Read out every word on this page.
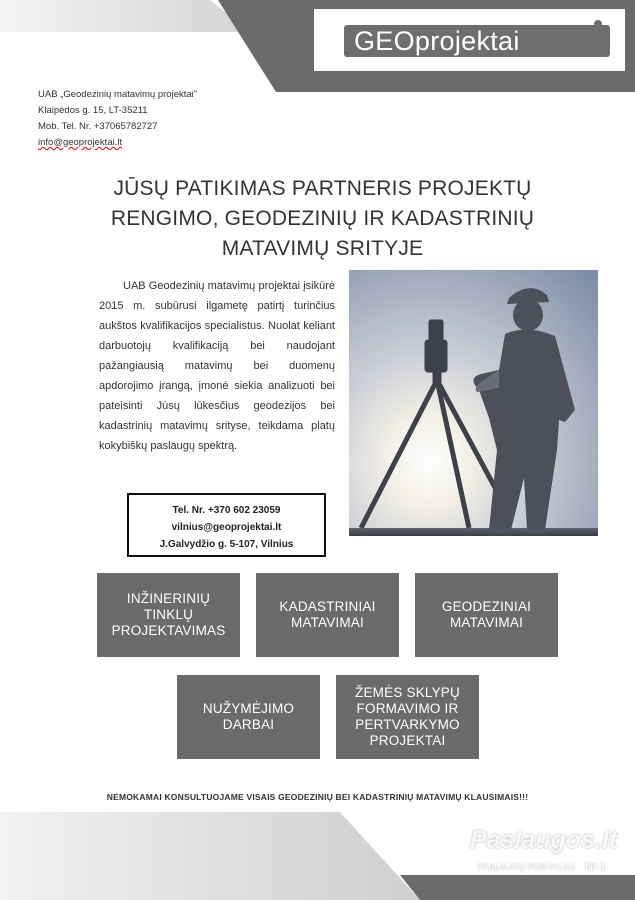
GEOprojektai
UAB „Geodezinių matavimų projektai"
Klaipėdos g. 15, LT-35211
Mob. Tel. Nr. +37065782727
info@geoprojektai.lt
JŪSŲ PATIKIMAS PARTNERIS PROJEKTŲ
RENGIMO, GEODEZINIŲ IR KADASTRINIŲ
MATAVIMŲ SRITYJE
UAB Geodezinių matavimų projektai įsikūrė 2015 m. subūrusi ilgametę patirtį turinčius aukštos kvalifikacijos specialistus. Nuolat keliant darbuotojų kvalifikaciją bei naudojant pažangiausią matavimų bei duomenų apdorojimo įrangą, įmonė siekia analizuoti bei pateisinti Jūsų lūkesčius geodezijos bei kadastrinių matavimų srityse, teikdama platų kokybiškų paslaugų spektrą.
Tel. Nr. +370 602 23059
vilnius@geoprojektai.lt
J.Galvydžio g. 5-107, Vilnius
INŽINERINIŲ
TINKLŲ
PROJEKTAVIMAS
KADASTRINIAI
MATAVIMAI
GEODEZINIAI
MATAVIMAI
NUŽYMĖJIMO
DARBAI
ŽEMĖS SKLYPŲ
FORMAVIMO IR
PERTVARKYMO
PROJEKTAI
NEMOKAMAI KONSULTUOJAME VISAIS GEODEZINIŲ BEI KADASTRINIŲ MATAVIMŲ KLAUSIMAIS!!!
Paslaugos.lt
PASLAUGŲ PORTALAS Nr.1
